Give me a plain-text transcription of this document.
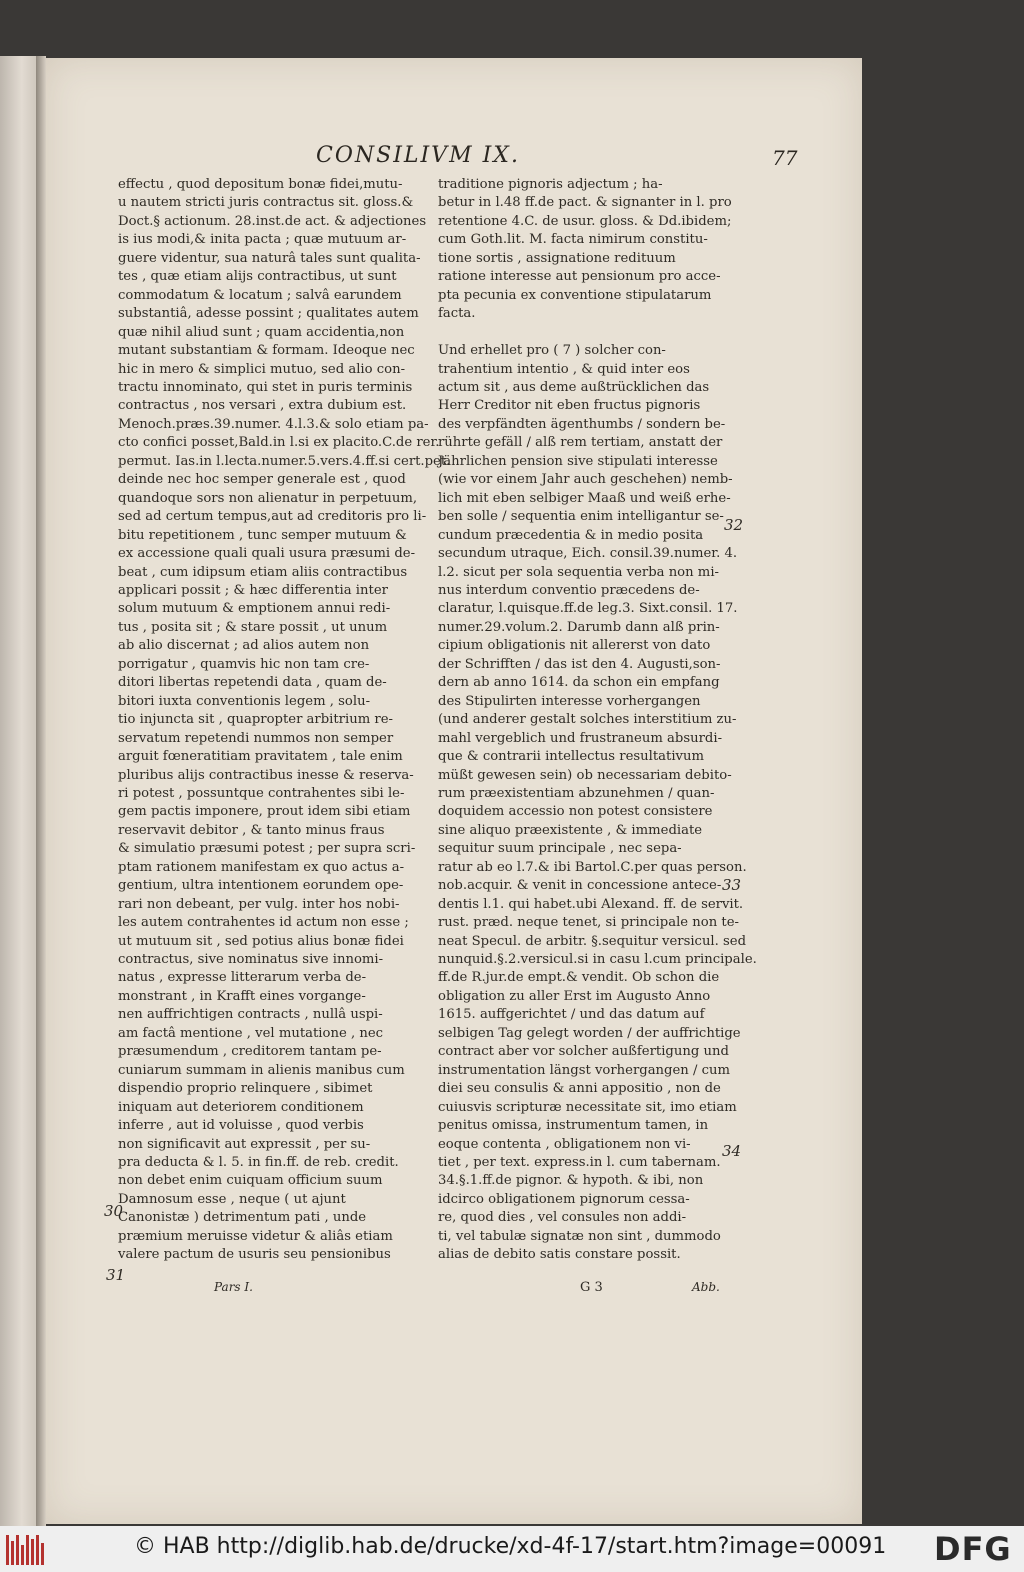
CONSILIVM IX.	77
effectu , quod depositum bonæ fidei,mutu-
u nautem stricti juris contractus sit. gloss.&
Doct.§ actionum. 28.inst.de act. & adjectiones
is ius modi,& inita pacta ; quæ mutuum ar-
guere videntur, sua naturâ tales sunt qualita-
tes , quæ etiam alijs contractibus, ut sunt
commodatum & locatum ; salvâ earundem
substantiâ, adesse possint ; qualitates autem
quæ nihil aliud sunt ; quam accidentia,non
mutant substantiam & formam. Ideoque nec
hic in mero & simplici mutuo, sed alio con-
tractu innominato, qui stet in puris terminis
contractus , nos versari , extra dubium est.
Menoch.præs.39.numer. 4.l.3.& solo etiam pa-
cto confici posset,Bald.in l.si ex placito.C.de rer.
permut. Ias.in l.lecta.numer.5.vers.4.ff.si cert.pet.
deinde nec hoc semper generale est , quod
quandoque sors non alienatur in perpetuum,
sed ad certum tempus,aut ad creditoris pro li-
bitu repetitionem , tunc semper mutuum &
ex accessione quali quali usura præsumi de-
beat , cum idipsum etiam aliis contractibus
applicari possit ; & hæc differentia inter
solum mutuum & emptionem annui redi-
tus , posita sit ; & stare possit , ut unum
ab alio discernat ; ad alios autem non
porrigatur , quamvis hic non tam cre-
ditori libertas repetendi data , quam de-
bitori iuxta conventionis legem , solu-
tio injuncta sit , quapropter arbitrium re-
servatum repetendi nummos non semper
arguit fœneratitiam pravitatem , tale enim
pluribus alijs contractibus inesse & reserva-
ri potest , possuntque contrahentes sibi le-
gem pactis imponere, prout idem sibi etiam
reservavit debitor , & tanto minus fraus
& simulatio præsumi potest ; per supra scri-
ptam rationem manifestam ex quo actus a-
gentium, ultra intentionem eorundem ope-
rari non debeant, per vulg. inter hos nobi-
les autem contrahentes id actum non esse ;
ut mutuum sit , sed potius alius bonæ fidei
contractus, sive nominatus sive innomi-
natus , expresse litterarum verba de-
monstrant , in Krafft eines vorgange-
nen auffrichtigen contracts , nullâ uspi-
am factâ mentione , vel mutatione , nec
præsumendum , creditorem tantam pe-
cuniarum summam in alienis manibus cum
dispendio proprio relinquere , sibimet
iniquam aut deteriorem conditionem
inferre , aut id voluisse , quod verbis
non significavit aut expressit , per su-
pra deducta & l. 5. in fin.ff. de reb. credit.
non debet enim cuiquam officium suum
Damnosum esse , neque ( ut ajunt
Canonistæ ) detrimentum pati , unde
præmium meruisse videtur & aliâs etiam
valere pactum de usuris seu pensionibus
traditione pignoris adjectum ; ha-
betur in l.48 ff.de pact. & signanter in l. pro
retentione 4.C. de usur. gloss. & Dd.ibidem;
cum Goth.lit. M. facta nimirum constitu-
tione sortis , assignatione redituum
ratione interesse aut pensionum pro acce-
pta pecunia ex conventione stipulatarum
facta.

Und erhellet pro ( 7 ) solcher con-
trahentium intentio , & quid inter eos
actum sit , aus deme außtrücklichen das
Herr Creditor nit eben fructus pignoris
des verpfändten ägenthumbs / sondern be-
rührte gefäll / alß rem tertiam, anstatt der
Jährlichen pension sive stipulati interesse
(wie vor einem Jahr auch geschehen) nemb-
lich mit eben selbiger Maaß und weiß erhe-
ben solle / sequentia enim intelligantur se-
cundum præcedentia & in medio posita
secundum utraque, Eich. consil.39.numer. 4.
l.2. sicut per sola sequentia verba non mi-
nus interdum conventio præcedens de-
claratur, l.quisque.ff.de leg.3. Sixt.consil. 17.
numer.29.volum.2. Darumb dann alß prin-
cipium obligationis nit allererst von dato
der Schrifften / das ist den 4. Augusti,son-
dern ab anno 1614. da schon ein empfang
des Stipulirten interesse vorhergangen
(und anderer gestalt solches interstitium zu-
mahl vergeblich und frustraneum absurdi-
que & contrarii intellectus resultativum
müßt gewesen sein) ob necessariam debito-
rum præexistentiam abzunehmen / quan-
doquidem accessio non potest consistere
sine aliquo præexistente , & immediate
sequitur suum principale , nec sepa-
ratur ab eo l.7.& ibi Bartol.C.per quas person.
nob.acquir. & venit in concessione antece-
dentis l.1. qui habet.ubi Alexand. ff. de servit.
rust. præd. neque tenet, si principale non te-
neat Specul. de arbitr. §.sequitur versicul. sed
nunquid.§.2.versicul.si in casu l.cum principale.
ff.de R.jur.de empt.& vendit. Ob schon die
obligation zu aller Erst im Augusto Anno
1615. auffgerichtet / und das datum auf
selbigen Tag gelegt worden / der auffrichtige
contract aber vor solcher außfertigung und
instrumentation längst vorhergangen / cum
diei seu consulis & anni appositio , non de
cuiusvis scripturæ necessitate sit, imo etiam
penitus omissa, instrumentum tamen, in
eoque contenta , obligationem non vi-
tiet , per text. express.in l. cum tabernam.
34.§.1.ff.de pignor. & hypoth. & ibi, non
idcirco obligationem pignorum cessa-
re, quod dies , vel consules non addi-
ti, vel tabulæ signatæ non sint , dummodo
alias de debito satis constare possit.
30
31
32
33
34
Pars I.	G 3	Abb.
© HAB http://diglib.hab.de/drucke/xd-4f-17/start.htm?image=00091 DFG
